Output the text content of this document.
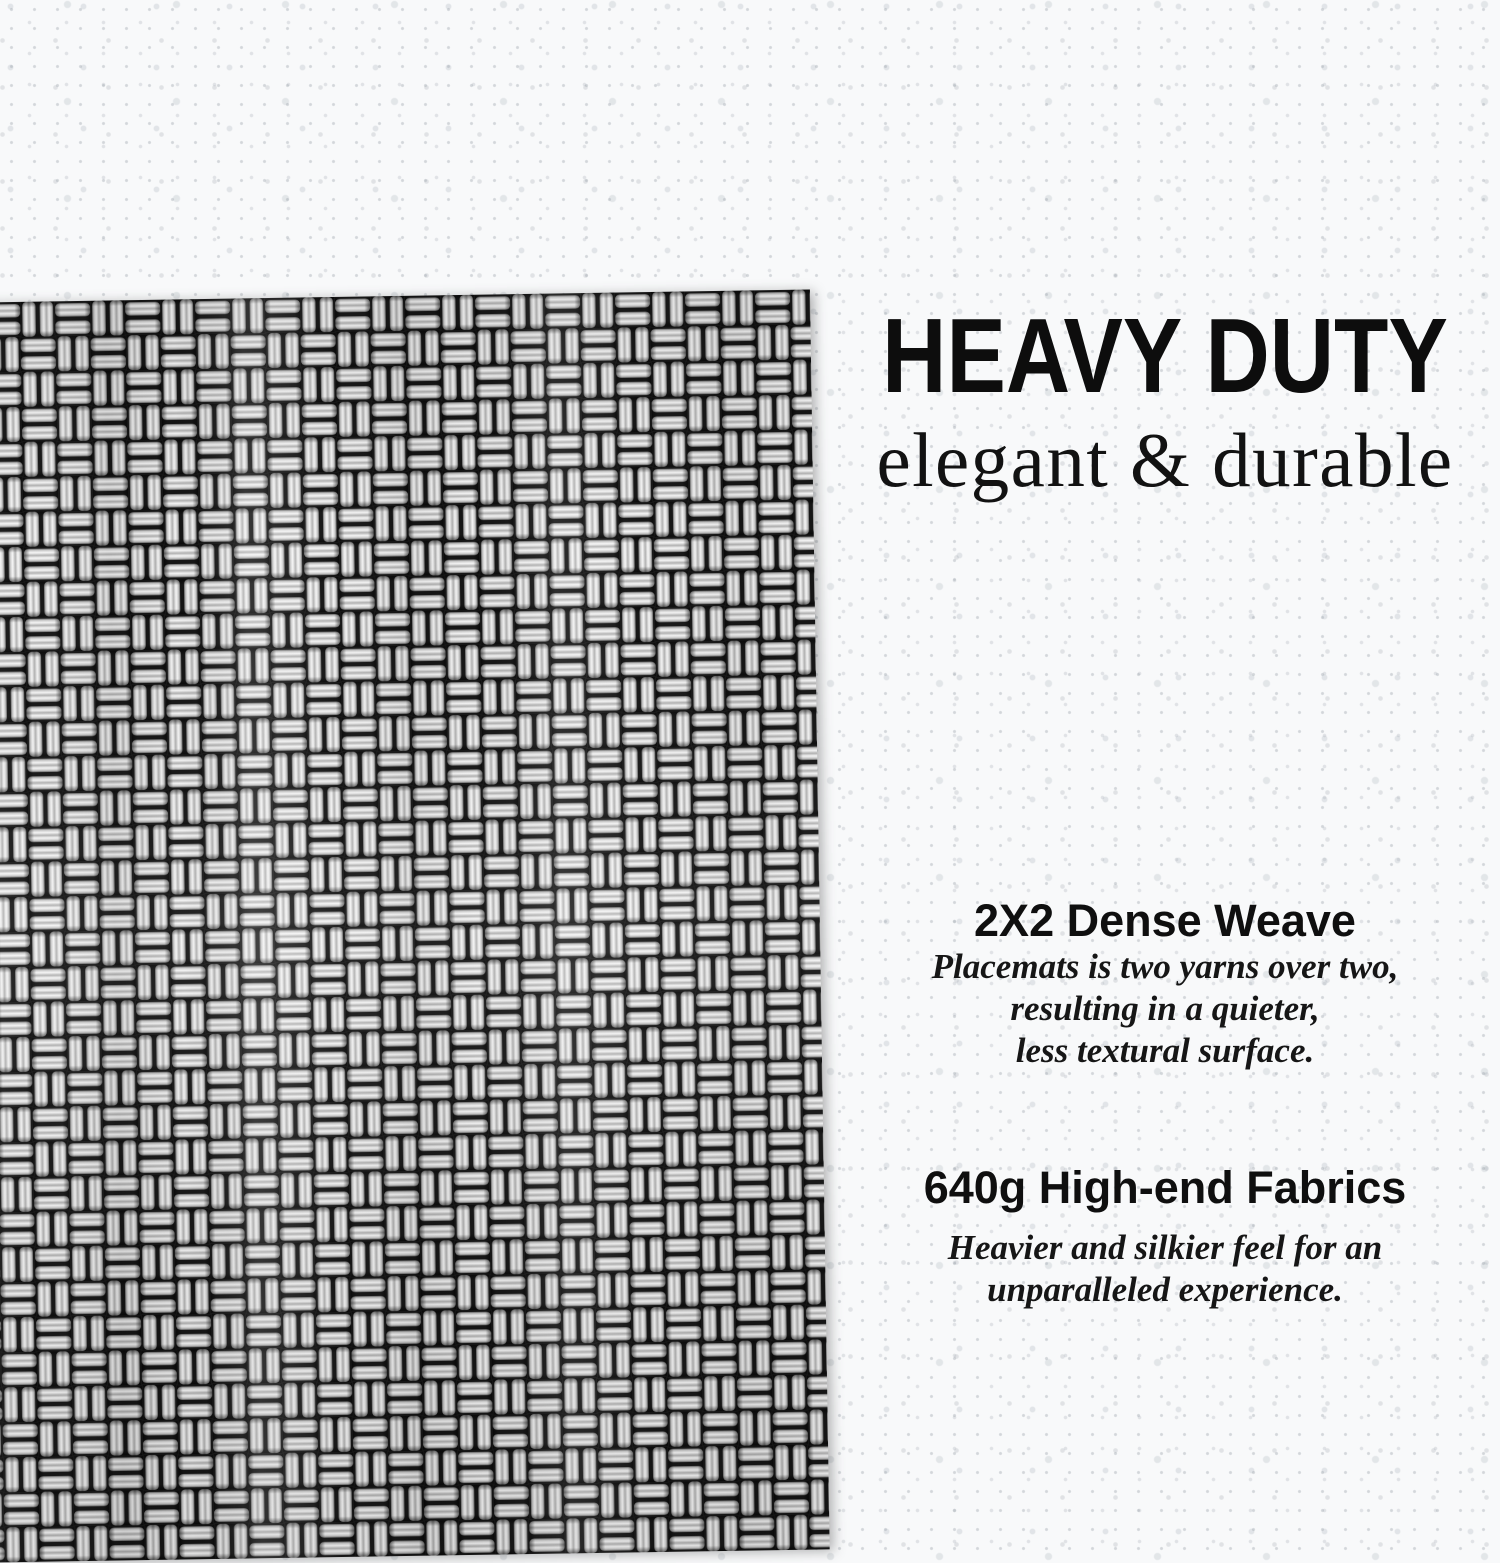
HEAVY DUTY
elegant & durable
2X2 Dense Weave
Placemats is two yarns over two,
resulting in a quieter,
less textural surface.
640g High-end Fabrics
Heavier and silkier feel for an
unparalleled experience.
